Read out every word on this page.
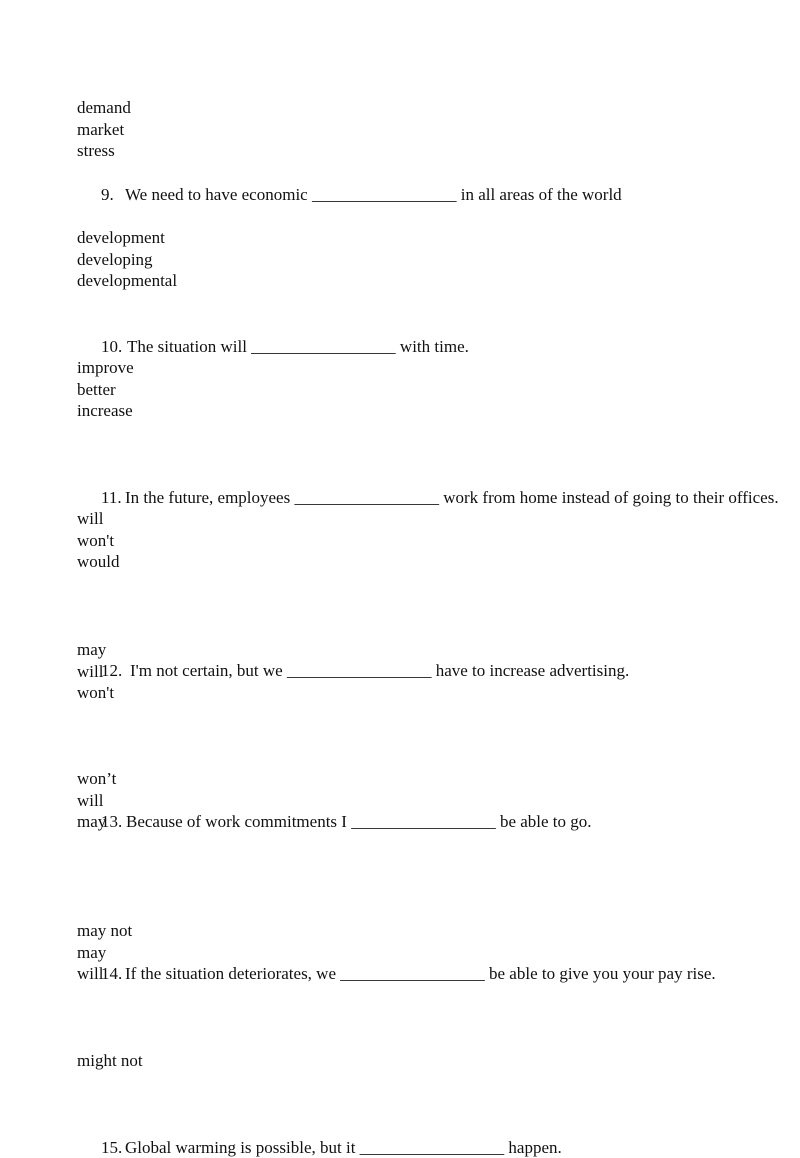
demand
market
stress
9. We need to have economic _________________ in all areas of the world
development
developing
developmental
10. The situation will _________________ with time.
improve
better
increase
11. In the future, employees _________________ work from home instead of going to their offices.
will
won't
would
12. I'm not certain, but we _________________ have to increase advertising.
may
will
won't
13. Because of work commitments I _________________ be able to go.
won’t
will
may
14. If the situation deteriorates, we _________________ be able to give you your pay rise.
may not
may
will
15. Global warming is possible, but it _________________ happen.
might not
